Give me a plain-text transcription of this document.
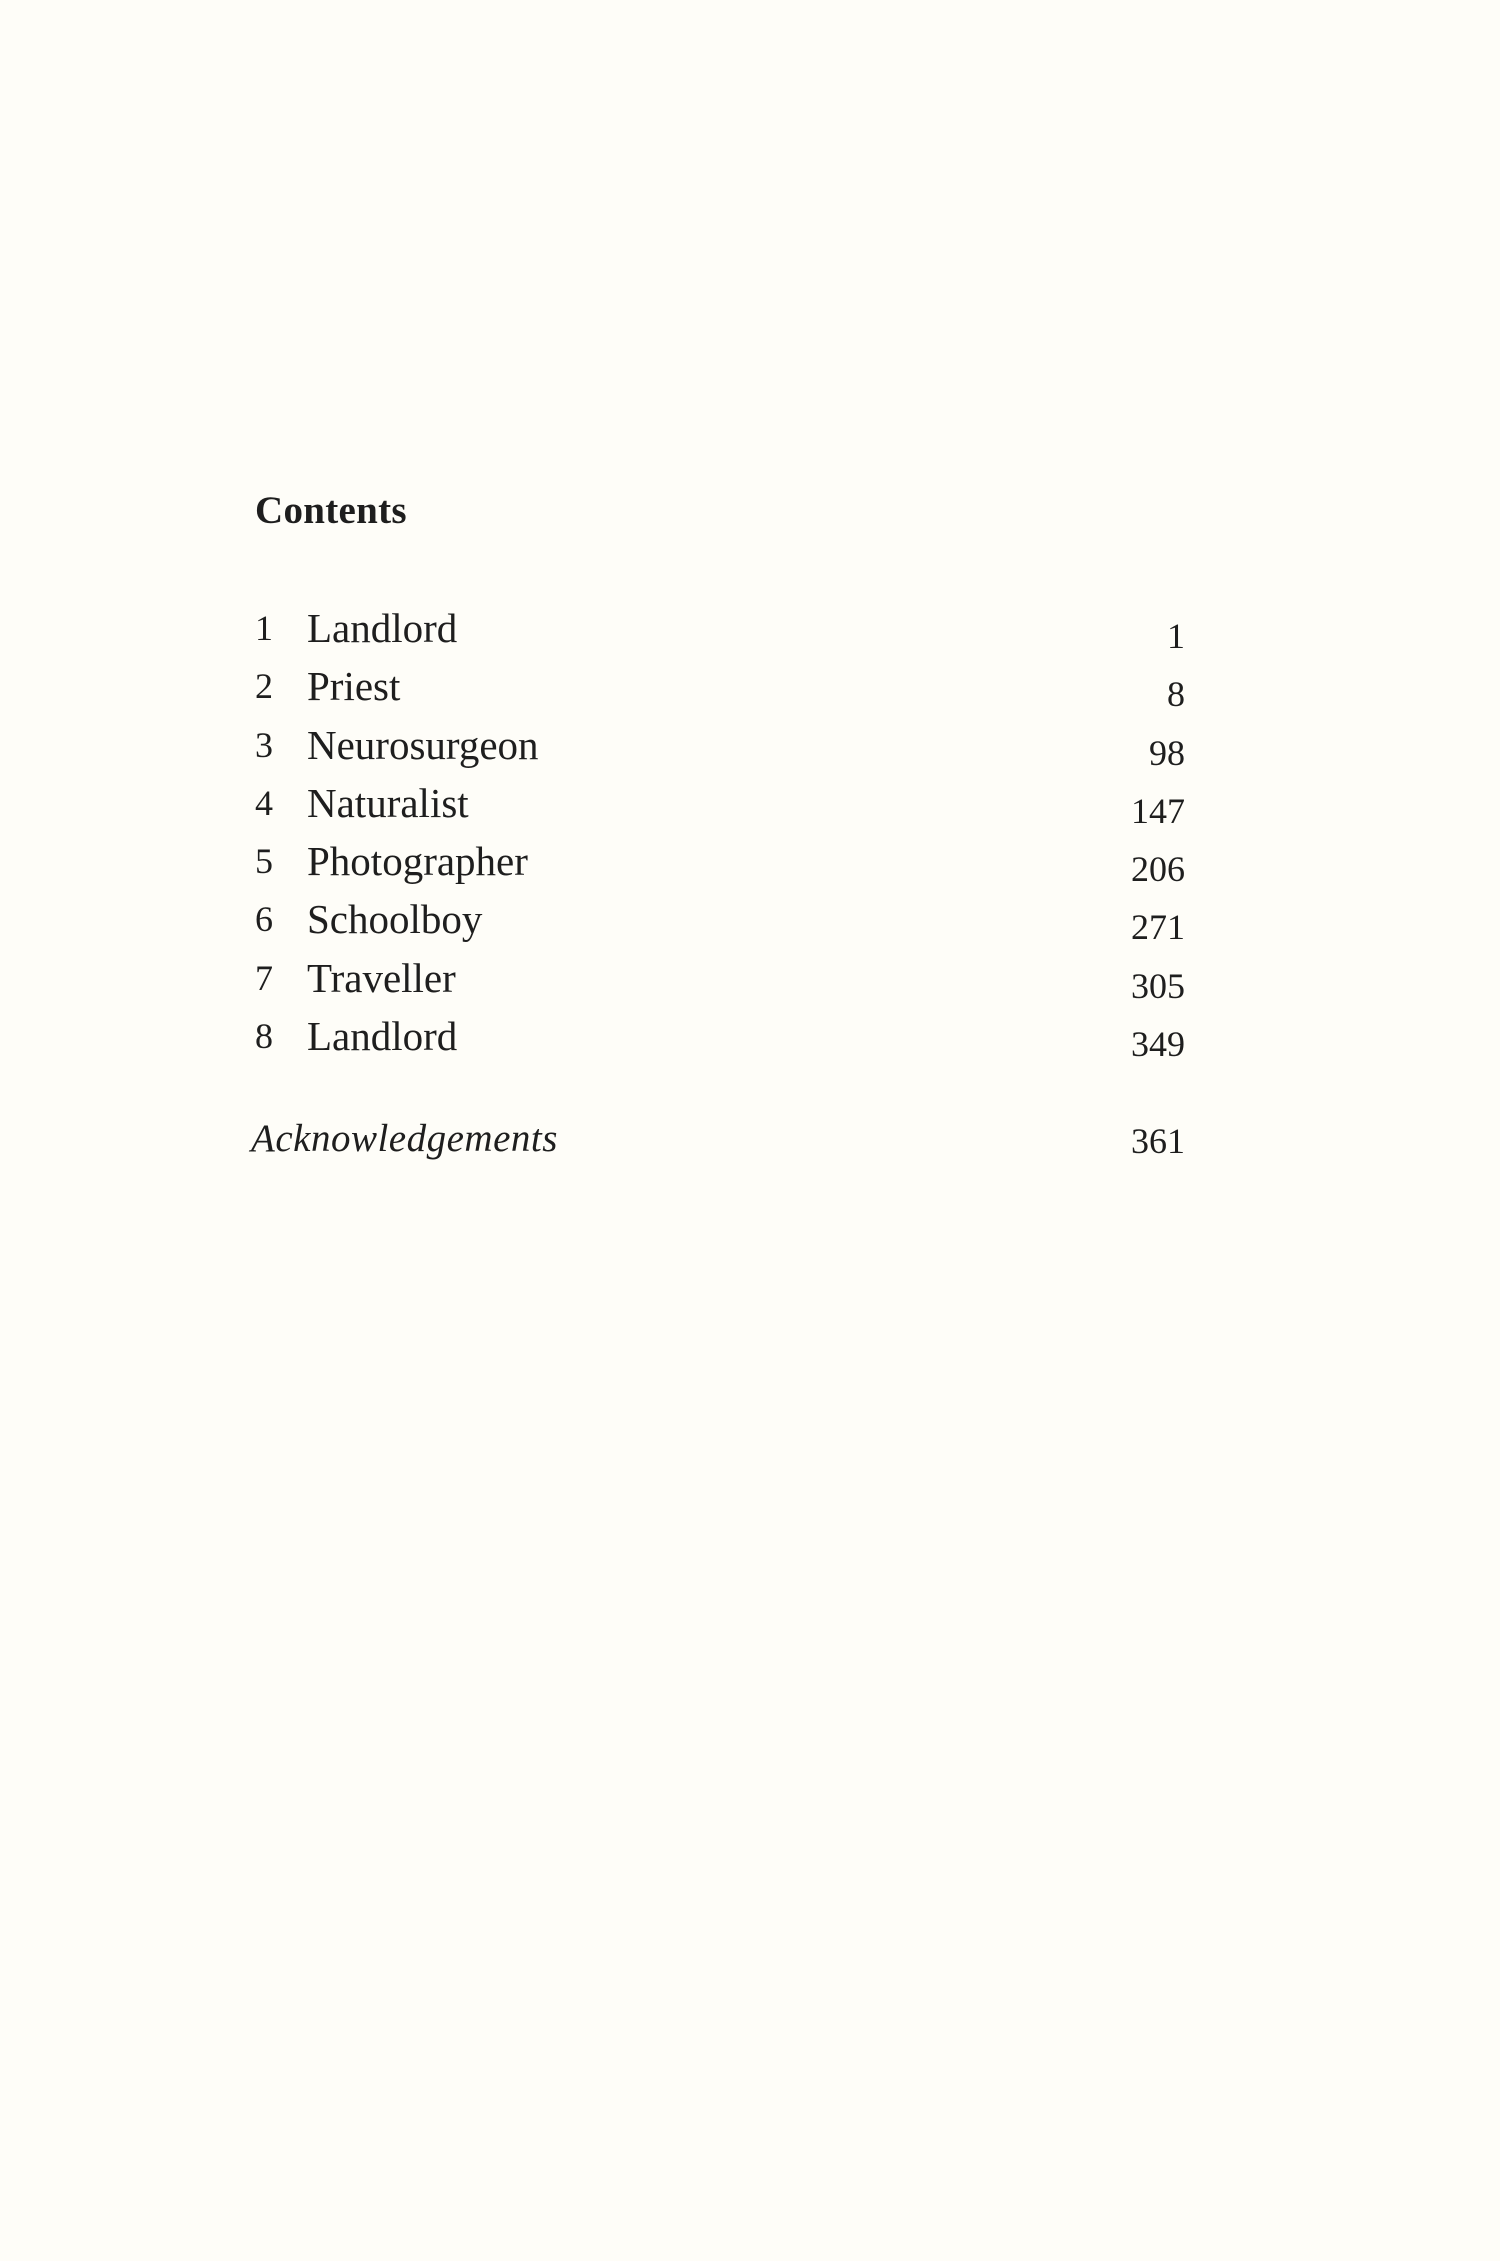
Contents
1 Landlord	1
2 Priest	8
3 Neurosurgeon	98
4 Naturalist	147
5 Photographer	206
6 Schoolboy	271
7 Traveller	305
8 Landlord	349
Acknowledgements	361
